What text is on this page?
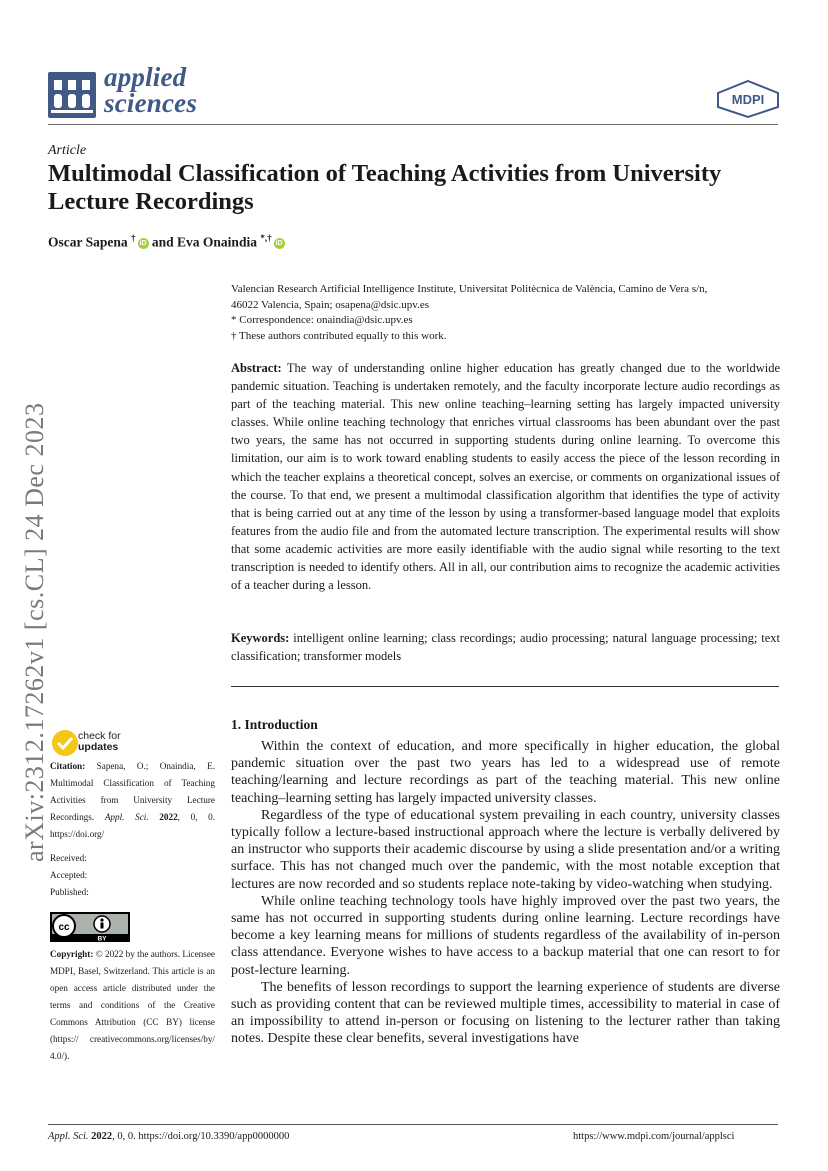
applied
sciences	MDPI
Article
Multimodal Classification of Teaching Activities from University Lecture Recordings
Oscar Sapena † iD and Eva Onaindia *,† iD

Valencian Research Artificial Intelligence Institute, Universitat Politècnica de València, Camino de Vera s/n,

46022 Valencia, Spain; osapena@dsic.upv.es

* Correspondence: onaindia@dsic.upv.es

† These authors contributed equally to this work.

Abstract: The way of understanding online higher education has greatly changed due to the worldwide pandemic situation. Teaching is undertaken remotely, and the faculty incorporate lecture audio recordings as part of the teaching material. This new online teaching–learning setting has largely impacted university classes. While online teaching technology that enriches virtual classrooms has been abundant over the past two years, the same has not occurred in supporting students during online learning. To overcome this limitation, our aim is to work toward enabling students to easily access the piece of the lesson recording in which the teacher explains a theoretical concept, solves an exercise, or comments on organizational issues of the course. To that end, we present a multimodal classification algorithm that identifies the type of activity that is being carried out at any time of the lesson by using a transformer-based language model that exploits features from the audio file and from the automated lecture transcription. The experimental results will show that some academic activities are more easily identifiable with the audio signal while resorting to the text transcription is needed to identify others. All in all, our contribution aims to recognize the academic activities of a teacher during a lesson.
Keywords: intelligent online learning; class recordings; audio processing; natural language processing; text classification; transformer models
1. Introduction

Within the context of education, and more specifically in higher education, the global pandemic situation over the past two years has led to a widespread use of remote teaching/learning and lecture recordings as part of the teaching material. This new online teaching–learning setting has largely impacted university classes.

Regardless of the type of educational system prevailing in each country, university classes typically follow a lecture-based instructional approach where the lecture is verbally delivered by an instructor who supports their academic discourse by using a slide presentation and/or a writing surface. This has not changed much over the pandemic, with the most notable exception that lectures are now recorded and so students replace note-taking by video-watching when studying.

While online teaching technology tools have highly improved over the past two years, the same has not occurred in supporting students during online learning. Lecture recordings have become a key learning means for millions of students regardless of the availability of in-person class attendance. Everyone wishes to have access to a backup material that one can resort to for post-lecture learning.

The benefits of lesson recordings to support the learning experience of students are diverse such as providing content that can be reviewed multiple times, accessibility to material in case of an impossibility to attend in-person or focusing on listening to the lecturer rather than taking notes. Despite these clear benefits, several investigations have

arXiv:2312.17262v1 [cs.CL] 24 Dec 2023	check for
updates
Citation: Sapena, O.; Onaindia, E. Multimodal Classification of Teaching Activities from University Lecture Recordings. Appl. Sci. 2022, 0, 0. https://doi.org/
Received:
Accepted:
Published:
cc
BY
Copyright: © 2022 by the authors. Licensee MDPI, Basel, Switzerland. This article is an open access article distributed under the terms and conditions of the Creative Commons Attribution (CC BY) license (https:// creativecommons.org/licenses/by/ 4.0/).
Appl. Sci. 2022, 0, 0. https://doi.org/10.3390/app0000000	https://www.mdpi.com/journal/applsci
